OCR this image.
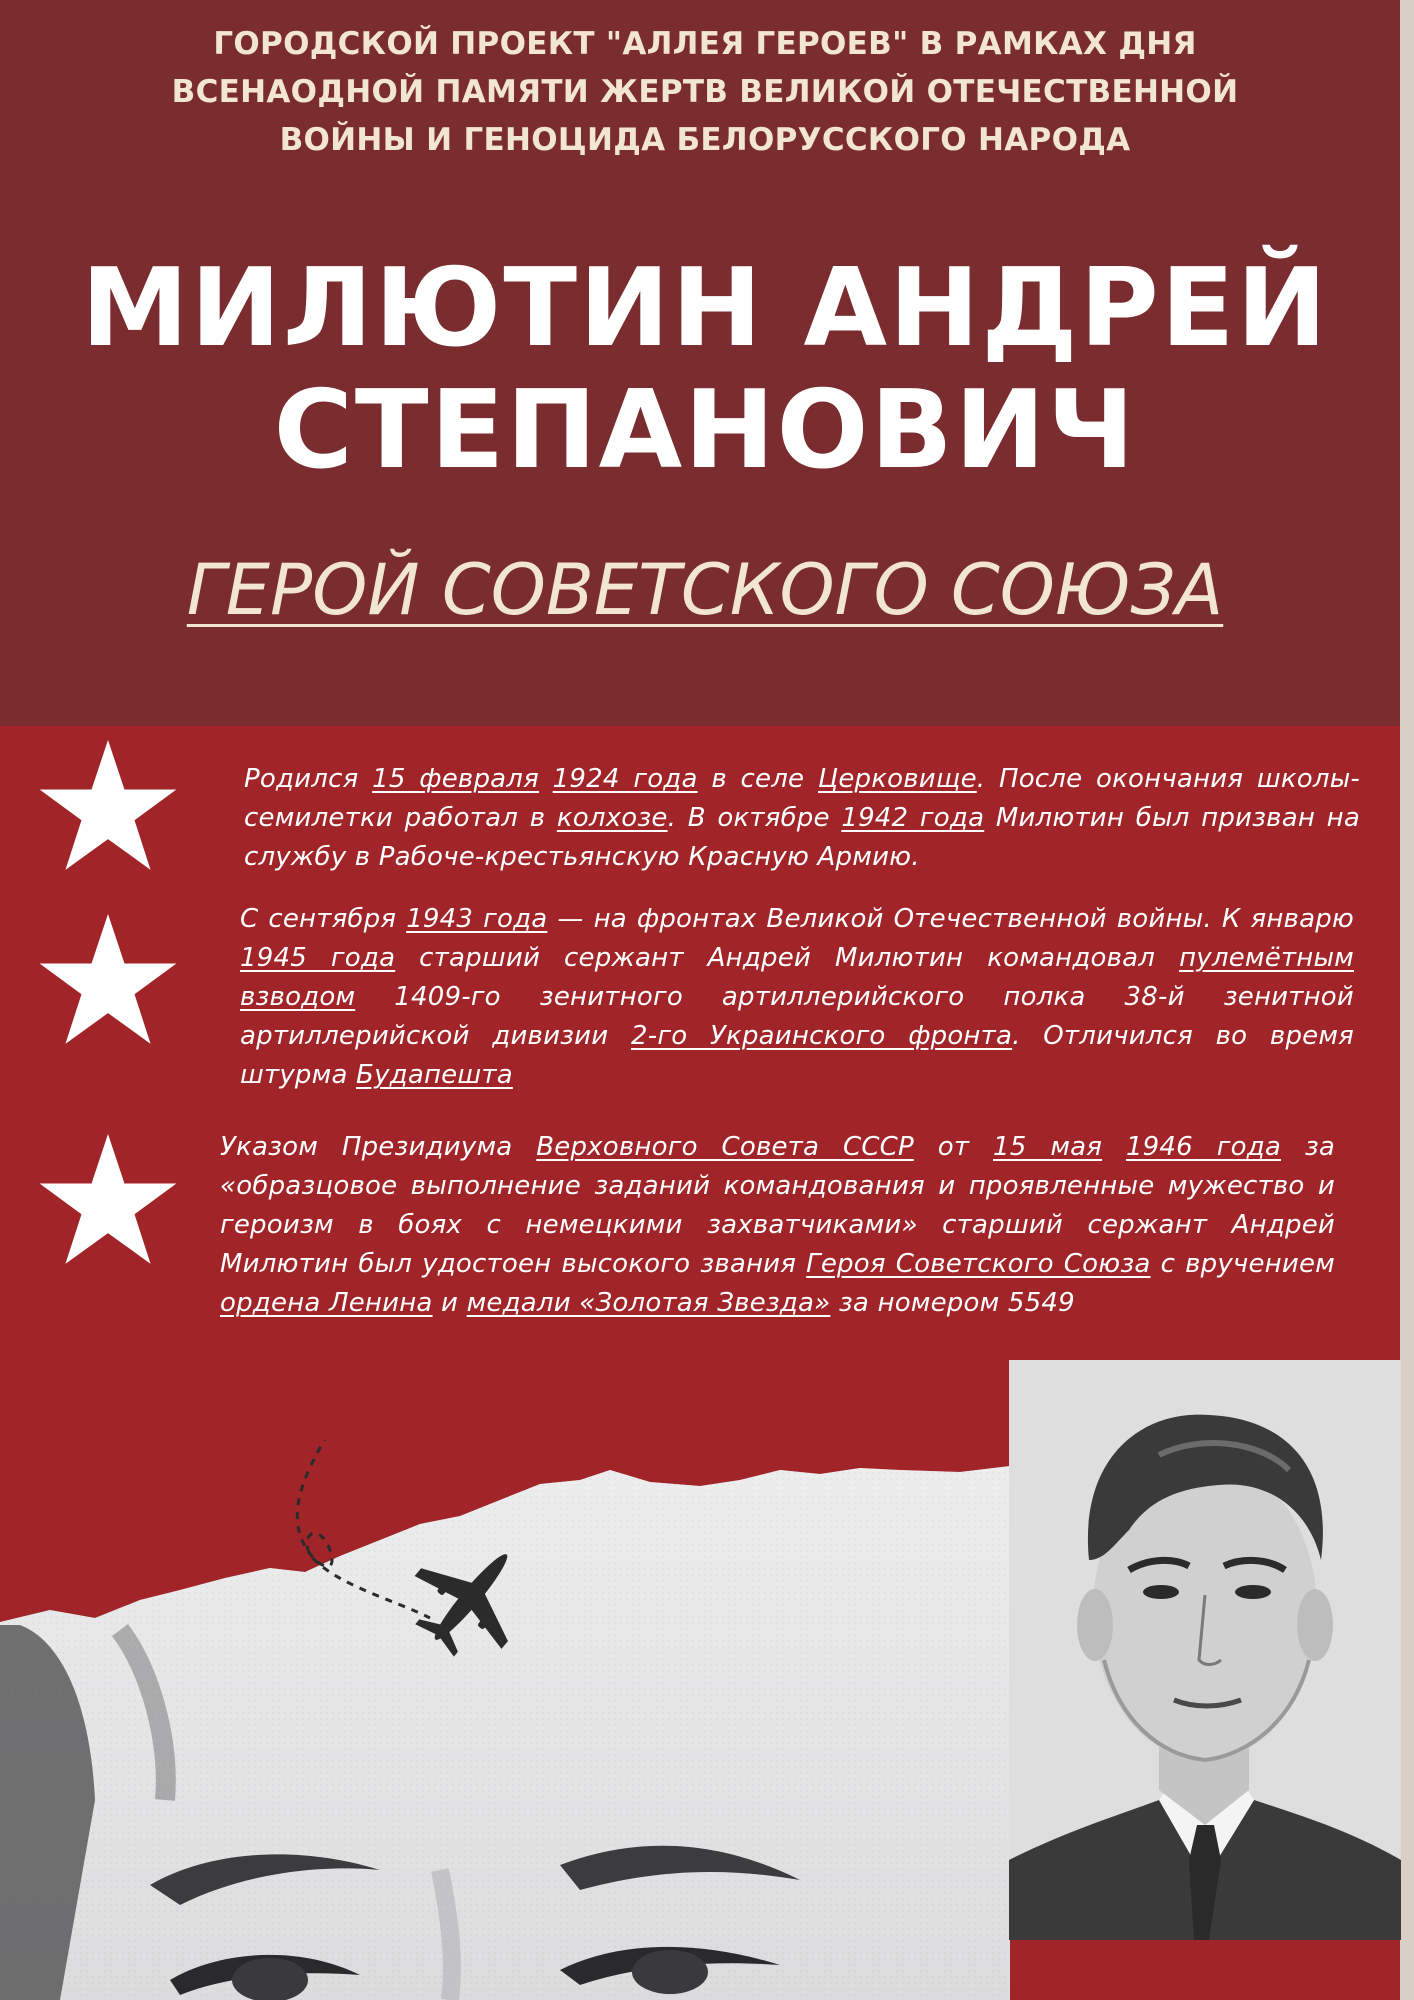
ГОРОДСКОЙ ПРОЕКТ "АЛЛЕЯ ГЕРОЕВ" В РАМКАХ ДНЯ ВСЕНАОДНОЙ ПАМЯТИ ЖЕРТВ ВЕЛИКОЙ ОТЕЧЕСТВЕННОЙ ВОЙНЫ И ГЕНОЦИДА БЕЛОРУССКОГО НАРОДА

МИЛЮТИН АНДРЕЙ
СТЕПАНОВИЧ

ГЕРОЙ СОВЕТСКОГО СОЮЗА

Родился 15 февраля 1924 года в селе Церковище. После окончания школы-семилетки работал в колхозе. В октябре 1942 года Милютин был призван на службу в Рабоче-крестьянскую Красную Армию.

С сентября 1943 года — на фронтах Великой Отечественной войны. К январю 1945 года старший сержант Андрей Милютин командовал пулемётным взводом 1409-го зенитного артиллерийского полка 38-й зенитной артиллерийской дивизии 2-го Украинского фронта. Отличился во время штурма Будапешта

Указом Президиума Верховного Совета СССР от 15 мая 1946 года за «образцовое выполнение заданий командования и проявленные мужество и героизм в боях с немецкими захватчиками» старший сержант Андрей Милютин был удостоен высокого звания Героя Советского Союза с вручением ордена Ленина и медали «Золотая Звезда» за номером 5549
